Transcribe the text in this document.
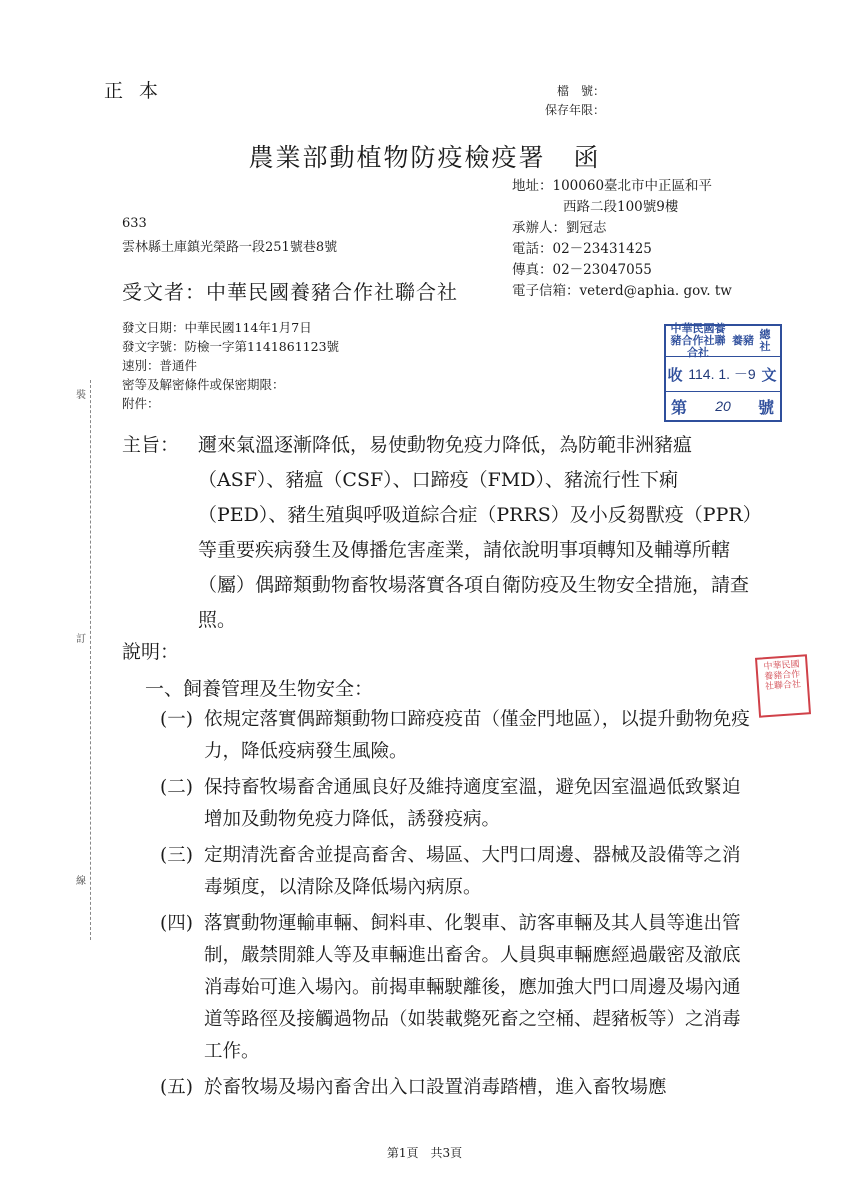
裝
訂
線
正本	檔　號：
保存年限：
農業部動植物防疫檢疫署 函
地址：100060臺北市中正區和平
西路二段100號9樓
承辦人：劉冠志
電話：02－23431425
傳真：02－23047055
電子信箱：veterd@aphia. gov. tw
633
雲林縣土庫鎮光榮路一段251號巷8號
受文者：中華民國養豬合作社聯合社
發文日期：中華民國114年1月7日
發文字號：防檢一字第1141861123號
速別：普通件
密等及解密條件或保密期限：
附件：
中華民國養豬合作社聯合社
養豬 總社
收 114. 1. －9 文
第	20	號
主旨： 邇來氣溫逐漸降低，易使動物免疫力降低，為防範非洲豬瘟（ASF）、豬瘟（CSF）、口蹄疫（FMD）、豬流行性下痢（PED）、豬生殖與呼吸道綜合症（PRRS）及小反芻獸疫（PPR）等重要疾病發生及傳播危害產業，請依說明事項轉知及輔導所轄（屬）偶蹄類動物畜牧場落實各項自衛防疫及生物安全措施，請查照。
說明：
一、飼養管理及生物安全：
中華民國養豬合作社聯合社
(一) 依規定落實偶蹄類動物口蹄疫疫苗（僅金門地區），以提升動物免疫力，降低疫病發生風險。
(二) 保持畜牧場畜舍通風良好及維持適度室溫，避免因室溫過低致緊迫增加及動物免疫力降低，誘發疫病。
(三) 定期清洗畜舍並提高畜舍、場區、大門口周邊、器械及設備等之消毒頻度，以清除及降低場內病原。
(四) 落實動物運輸車輛、飼料車、化製車、訪客車輛及其人員等進出管制，嚴禁閒雜人等及車輛進出畜舍。人員與車輛應經過嚴密及澈底消毒始可進入場內。前揭車輛駛離後，應加強大門口周邊及場內通道等路徑及接觸過物品（如裝載斃死畜之空桶、趕豬板等）之消毒工作。
(五) 於畜牧場及場內畜舍出入口設置消毒踏槽，進入畜牧場應
第1頁 共3頁
